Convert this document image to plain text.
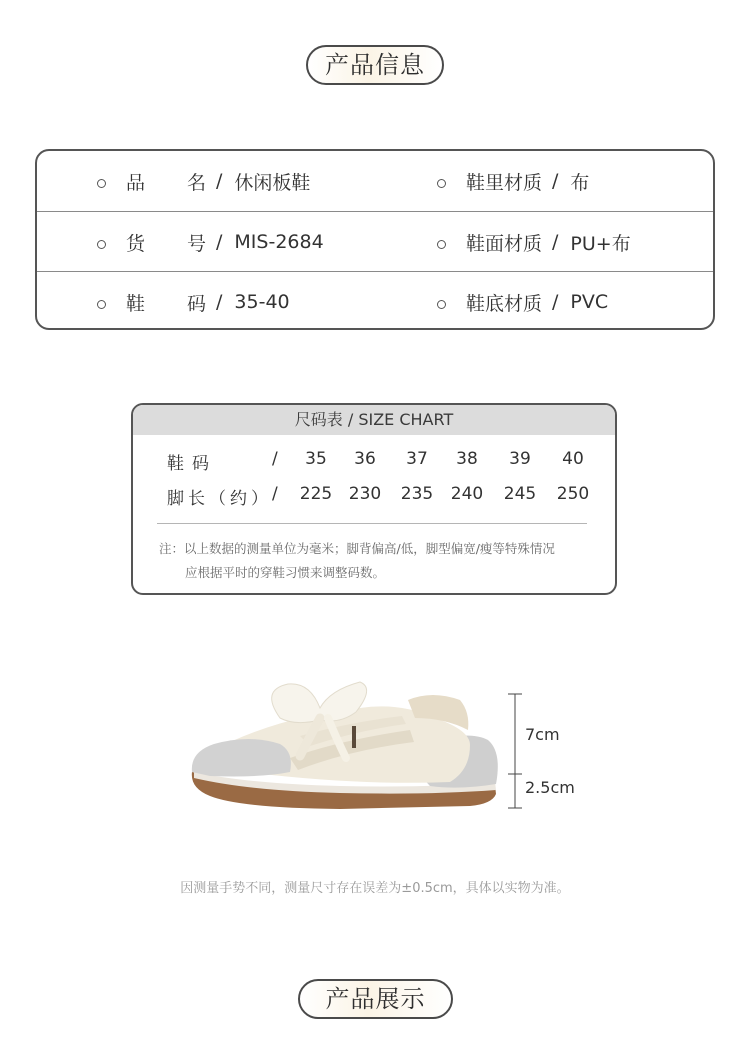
产品信息
品 名 / 休闲板鞋	鞋里材质 / 布
货 号 / MIS-2684	鞋面材质 / PU+布
鞋 码 / 35-40	鞋底材质 / PVC
尺码表 / SIZE CHART
鞋码	/	35	36	37	38	39	40
脚长（约） / 225 230 235 240 245 250
注：以上数据的测量单位为毫米；脚背偏高/低，脚型偏宽/瘦等特殊情况
应根据平时的穿鞋习惯来调整码数。
7cm
2.5cm
因测量手势不同，测量尺寸存在误差为±0.5cm，具体以实物为准。
产品展示
